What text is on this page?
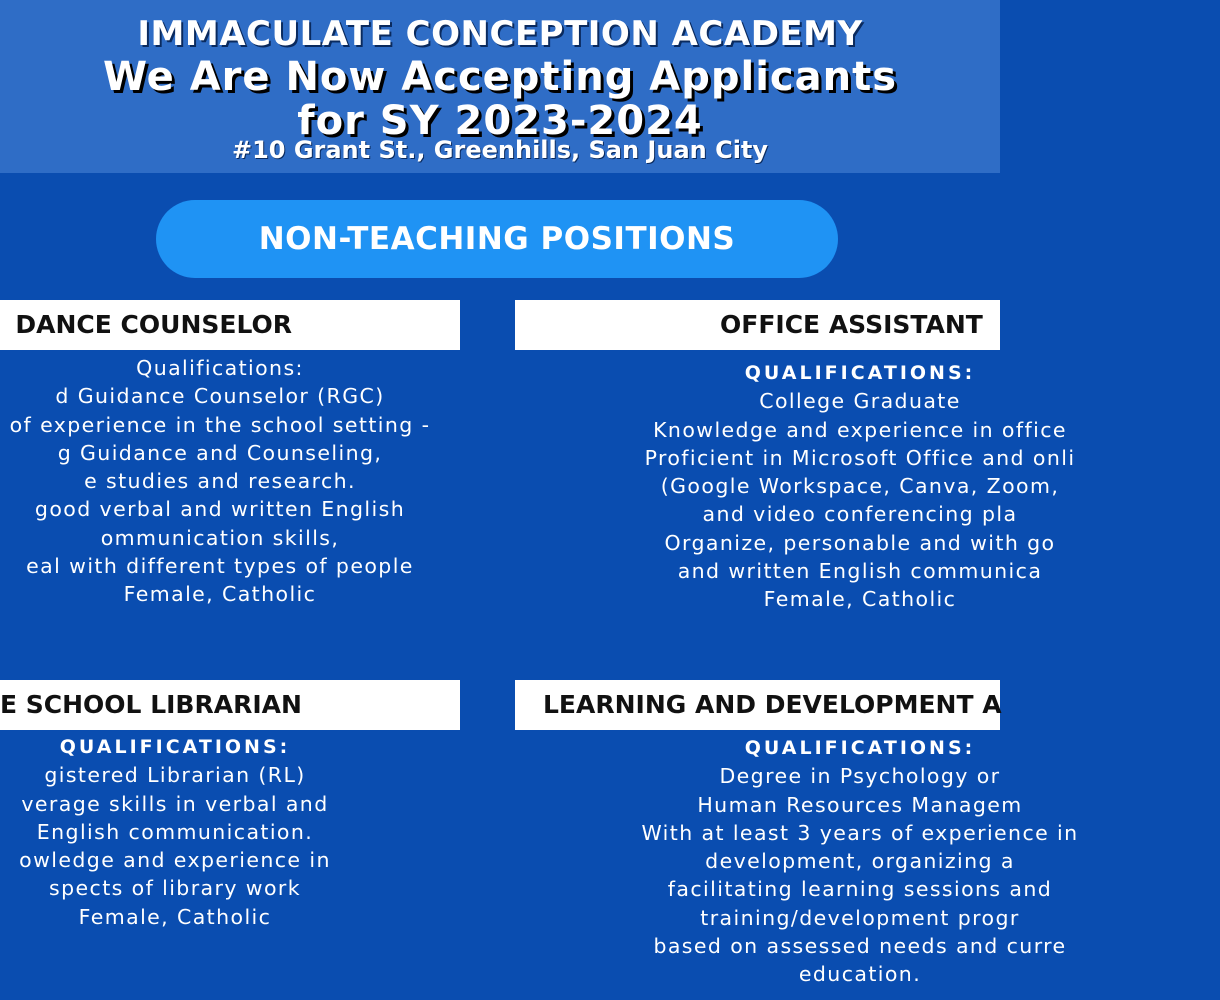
IMMACULATE CONCEPTION ACADEMY
We Are Now Accepting Applicants
for SY 2023-2024
#10 Grant St., Greenhills, San Juan City
NON-TEACHING POSITIONS
DANCE COUNSELOR
Qualifications:
d Guidance Counselor (RGC)
of experience in the school setting -
g Guidance and Counseling,
e studies and research.
good verbal and written English
ommunication skills,
eal with different types of people
Female, Catholic
OFFICE ASSISTANT
QUALIFICATIONS:
College Graduate
Knowledge and experience in office
Proficient in Microsoft Office and onli
(Google Workspace, Canva, Zoom,
and video conferencing pla
Organize, personable and with go
and written English communica
Female, Catholic
E SCHOOL LIBRARIAN
QUALIFICATIONS:
gistered Librarian (RL)
verage skills in verbal and
English communication.
owledge and experience in
spects of library work
Female, Catholic
LEARNING AND DEVELOPMENT A
QUALIFICATIONS:
Degree in Psychology or
Human Resources Managem
With at least 3 years of experience in
development, organizing a
facilitating learning sessions and
training/development progr
based on assessed needs and curre
education.
